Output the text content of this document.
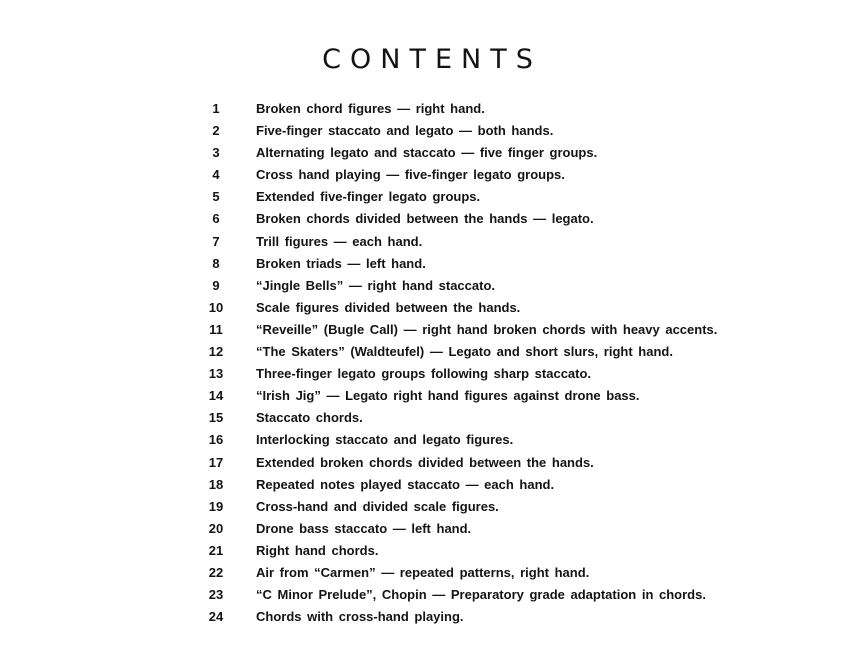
CONTENTS
1	Broken chord figures — right hand.
2	Five-finger staccato and legato — both hands.
3	Alternating legato and staccato — five finger groups.
4	Cross hand playing — five-finger legato groups.
5	Extended five-finger legato groups.
6	Broken chords divided between the hands — legato.
7	Trill figures — each hand.
8	Broken triads — left hand.
9	“Jingle Bells” — right hand staccato.
10	Scale figures divided between the hands.
11	“Reveille” (Bugle Call) — right hand broken chords with heavy accents.
12	“The Skaters” (Waldteufel) — Legato and short slurs, right hand.
13	Three-finger legato groups following sharp staccato.
14	“Irish Jig” — Legato right hand figures against drone bass.
15	Staccato chords.
16	Interlocking staccato and legato figures.
17	Extended broken chords divided between the hands.
18	Repeated notes played staccato — each hand.
19	Cross-hand and divided scale figures.
20	Drone bass staccato — left hand.
21	Right hand chords.
22	Air from “Carmen” — repeated patterns, right hand.
23	“C Minor Prelude”, Chopin — Preparatory grade adaptation in chords.
24	Chords with cross-hand playing.
